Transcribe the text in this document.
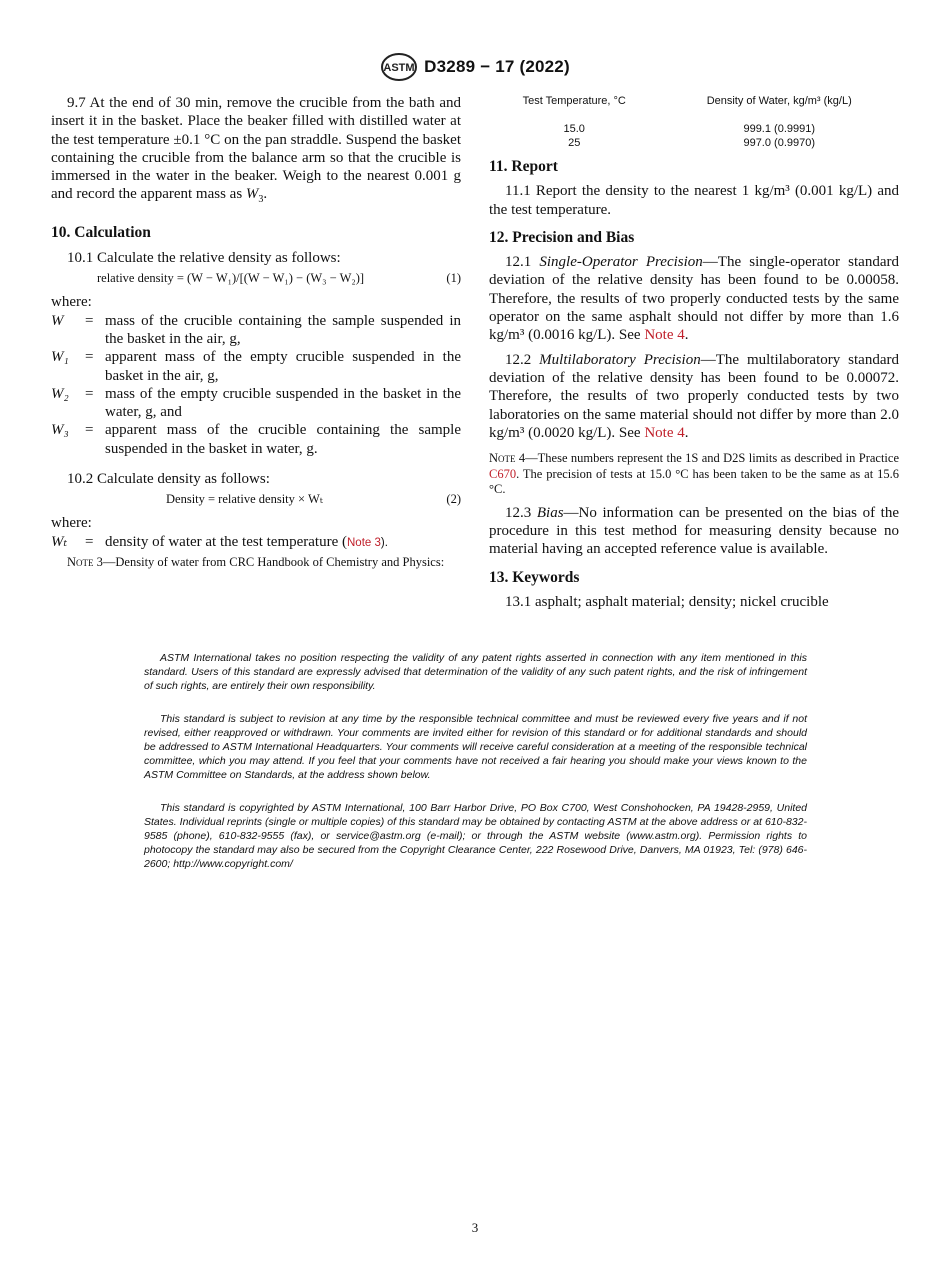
ASTM D3289 − 17 (2022)

9.7 At the end of 30 min, remove the crucible from the bath and insert it in the basket. Place the beaker filled with distilled water at the test temperature ±0.1 °C on the pan straddle. Suspend the basket containing the crucible from the balance arm so that the crucible is immersed in the water in the beaker. Weigh to the nearest 0.001 g and record the apparent mass as $W_3$.

10. Calculation

10.1 Calculate the relative density as follows:

relative density = (W − W₁)/[(W − W₁) − (W₃ − W₂)]	(1)

where:

W	= mass of the crucible containing the sample suspended in the basket in the air, g,
W₁	= apparent mass of the empty crucible suspended in the basket in the air, g,
W₂	= mass of the empty crucible suspended in the basket in the water, g, and
W₃	= apparent mass of the crucible containing the sample suspended in the basket in water, g.

10.2 Calculate density as follows:

Density = relative density × Wₜ	(2)

where:

Wₜ	= density of water at the test temperature (Note 3).

Note 3—Density of water from CRC Handbook of Chemistry and Physics:

Test Temperature, °C	Density of Water, kg/m³ (kg/L)
15.0	999.1 (0.9991)
25	997.0 (0.9970)
11. Report

11.1 Report the density to the nearest 1 kg/m³ (0.001 kg/L) and the test temperature.

12. Precision and Bias

12.1 Single-Operator Precision—The single-operator standard deviation of the relative density has been found to be 0.00058. Therefore, the results of two properly conducted tests by the same operator on the same asphalt should not differ by more than 1.6 kg/m³ (0.0016 kg/L). See Note 4.

12.2 Multilaboratory Precision—The multilaboratory standard deviation of the relative density has been found to be 0.00072. Therefore, the results of two properly conducted tests by two laboratories on the same material should not differ by more than 2.0 kg/m³ (0.0020 kg/L). See Note 4.

Note 4—These numbers represent the 1S and D2S limits as described in Practice C670. The precision of tests at 15.0 °C has been taken to be the same as at 15.6 °C.

12.3 Bias—No information can be presented on the bias of the procedure in this test method for measuring density because no material having an accepted reference value is available.

13. Keywords

13.1 asphalt; asphalt material; density; nickel crucible

ASTM International takes no position respecting the validity of any patent rights asserted in connection with any item mentioned in this standard. Users of this standard are expressly advised that determination of the validity of any such patent rights, and the risk of infringement of such rights, are entirely their own responsibility.

This standard is subject to revision at any time by the responsible technical committee and must be reviewed every five years and if not revised, either reapproved or withdrawn. Your comments are invited either for revision of this standard or for additional standards and should be addressed to ASTM International Headquarters. Your comments will receive careful consideration at a meeting of the responsible technical committee, which you may attend. If you feel that your comments have not received a fair hearing you should make your views known to the ASTM Committee on Standards, at the address shown below.

This standard is copyrighted by ASTM International, 100 Barr Harbor Drive, PO Box C700, West Conshohocken, PA 19428-2959, United States. Individual reprints (single or multiple copies) of this standard may be obtained by contacting ASTM at the above address or at 610-832-9585 (phone), 610-832-9555 (fax), or service@astm.org (e-mail); or through the ASTM website (www.astm.org). Permission rights to photocopy the standard may also be secured from the Copyright Clearance Center, 222 Rosewood Drive, Danvers, MA 01923, Tel: (978) 646-2600; http://www.copyright.com/

3
